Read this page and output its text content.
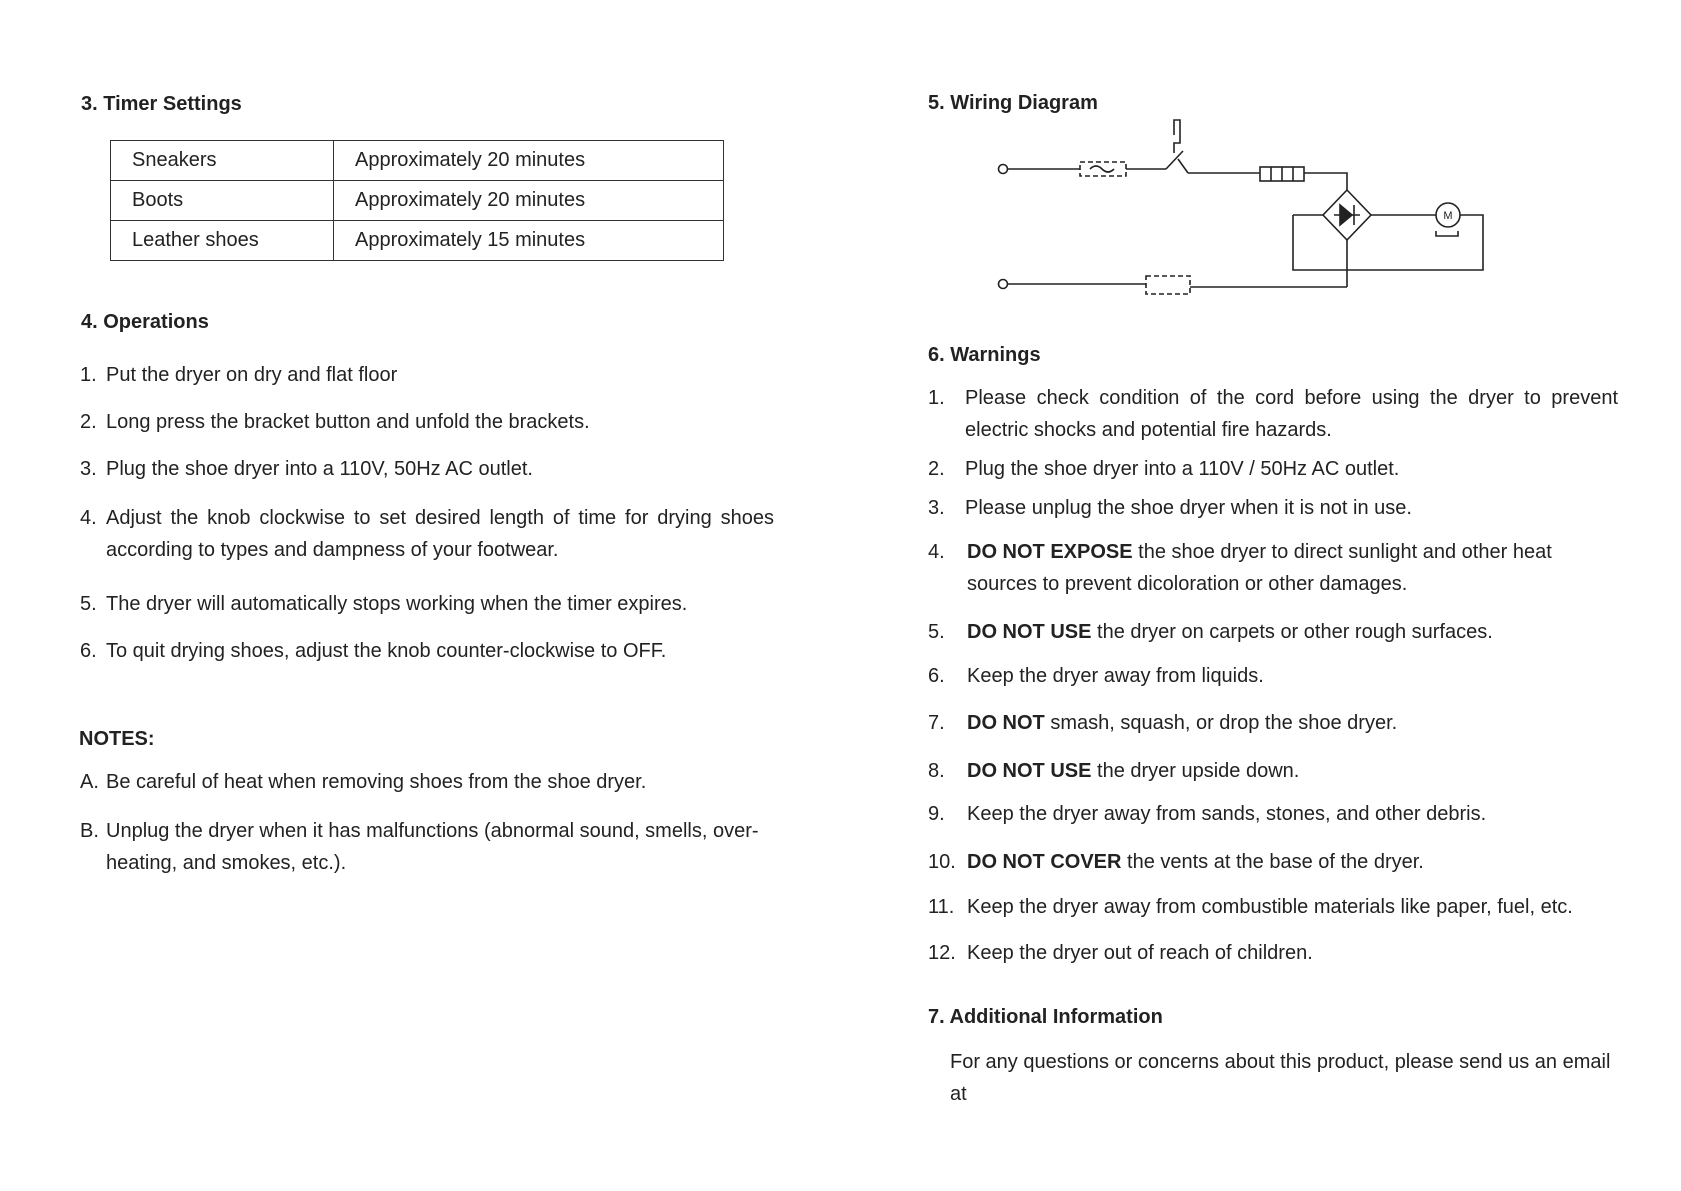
3. Timer Settings
Sneakers	Approximately 20 minutes
Boots	Approximately 20 minutes
Leather shoes	Approximately 15 minutes
4. Operations
1. Put the dryer on dry and flat floor
2. Long press the bracket button and unfold the brackets.
3. Plug the shoe dryer into a 110V, 50Hz AC outlet.
4. Adjust the knob clockwise to set desired length of time for drying shoes according to types and dampness of your footwear.
5. The dryer will automatically stops working when the timer expires.
6. To quit drying shoes, adjust the knob counter-clockwise to OFF.
NOTES:
A. Be careful of heat when removing shoes from the shoe dryer.
B. Unplug the dryer when it has malfunctions (abnormal sound, smells, over-heating, and smokes, etc.).
5. Wiring Diagram
M
6. Warnings
1. Please check condition of the cord before using the dryer to prevent electric shocks and potential fire hazards.
2. Plug the shoe dryer into a 110V / 50Hz AC outlet.
3. Please unplug the shoe dryer when it is not in use.
4. DO NOT EXPOSE the shoe dryer to direct sunlight and other heat sources to prevent dicoloration or other damages.
5. DO NOT USE the dryer on carpets or other rough surfaces.
6. Keep the dryer away from liquids.
7. DO NOT smash, squash, or drop the shoe dryer.
8. DO NOT USE the dryer upside down.
9. Keep the dryer away from sands, stones, and other debris.
10. DO NOT COVER the vents at the base of the dryer.
11. Keep the dryer away from combustible materials like paper, fuel, etc.
12. Keep the dryer out of reach of children.
7. Additional Information
For any questions or concerns about this product, please send us an email at
